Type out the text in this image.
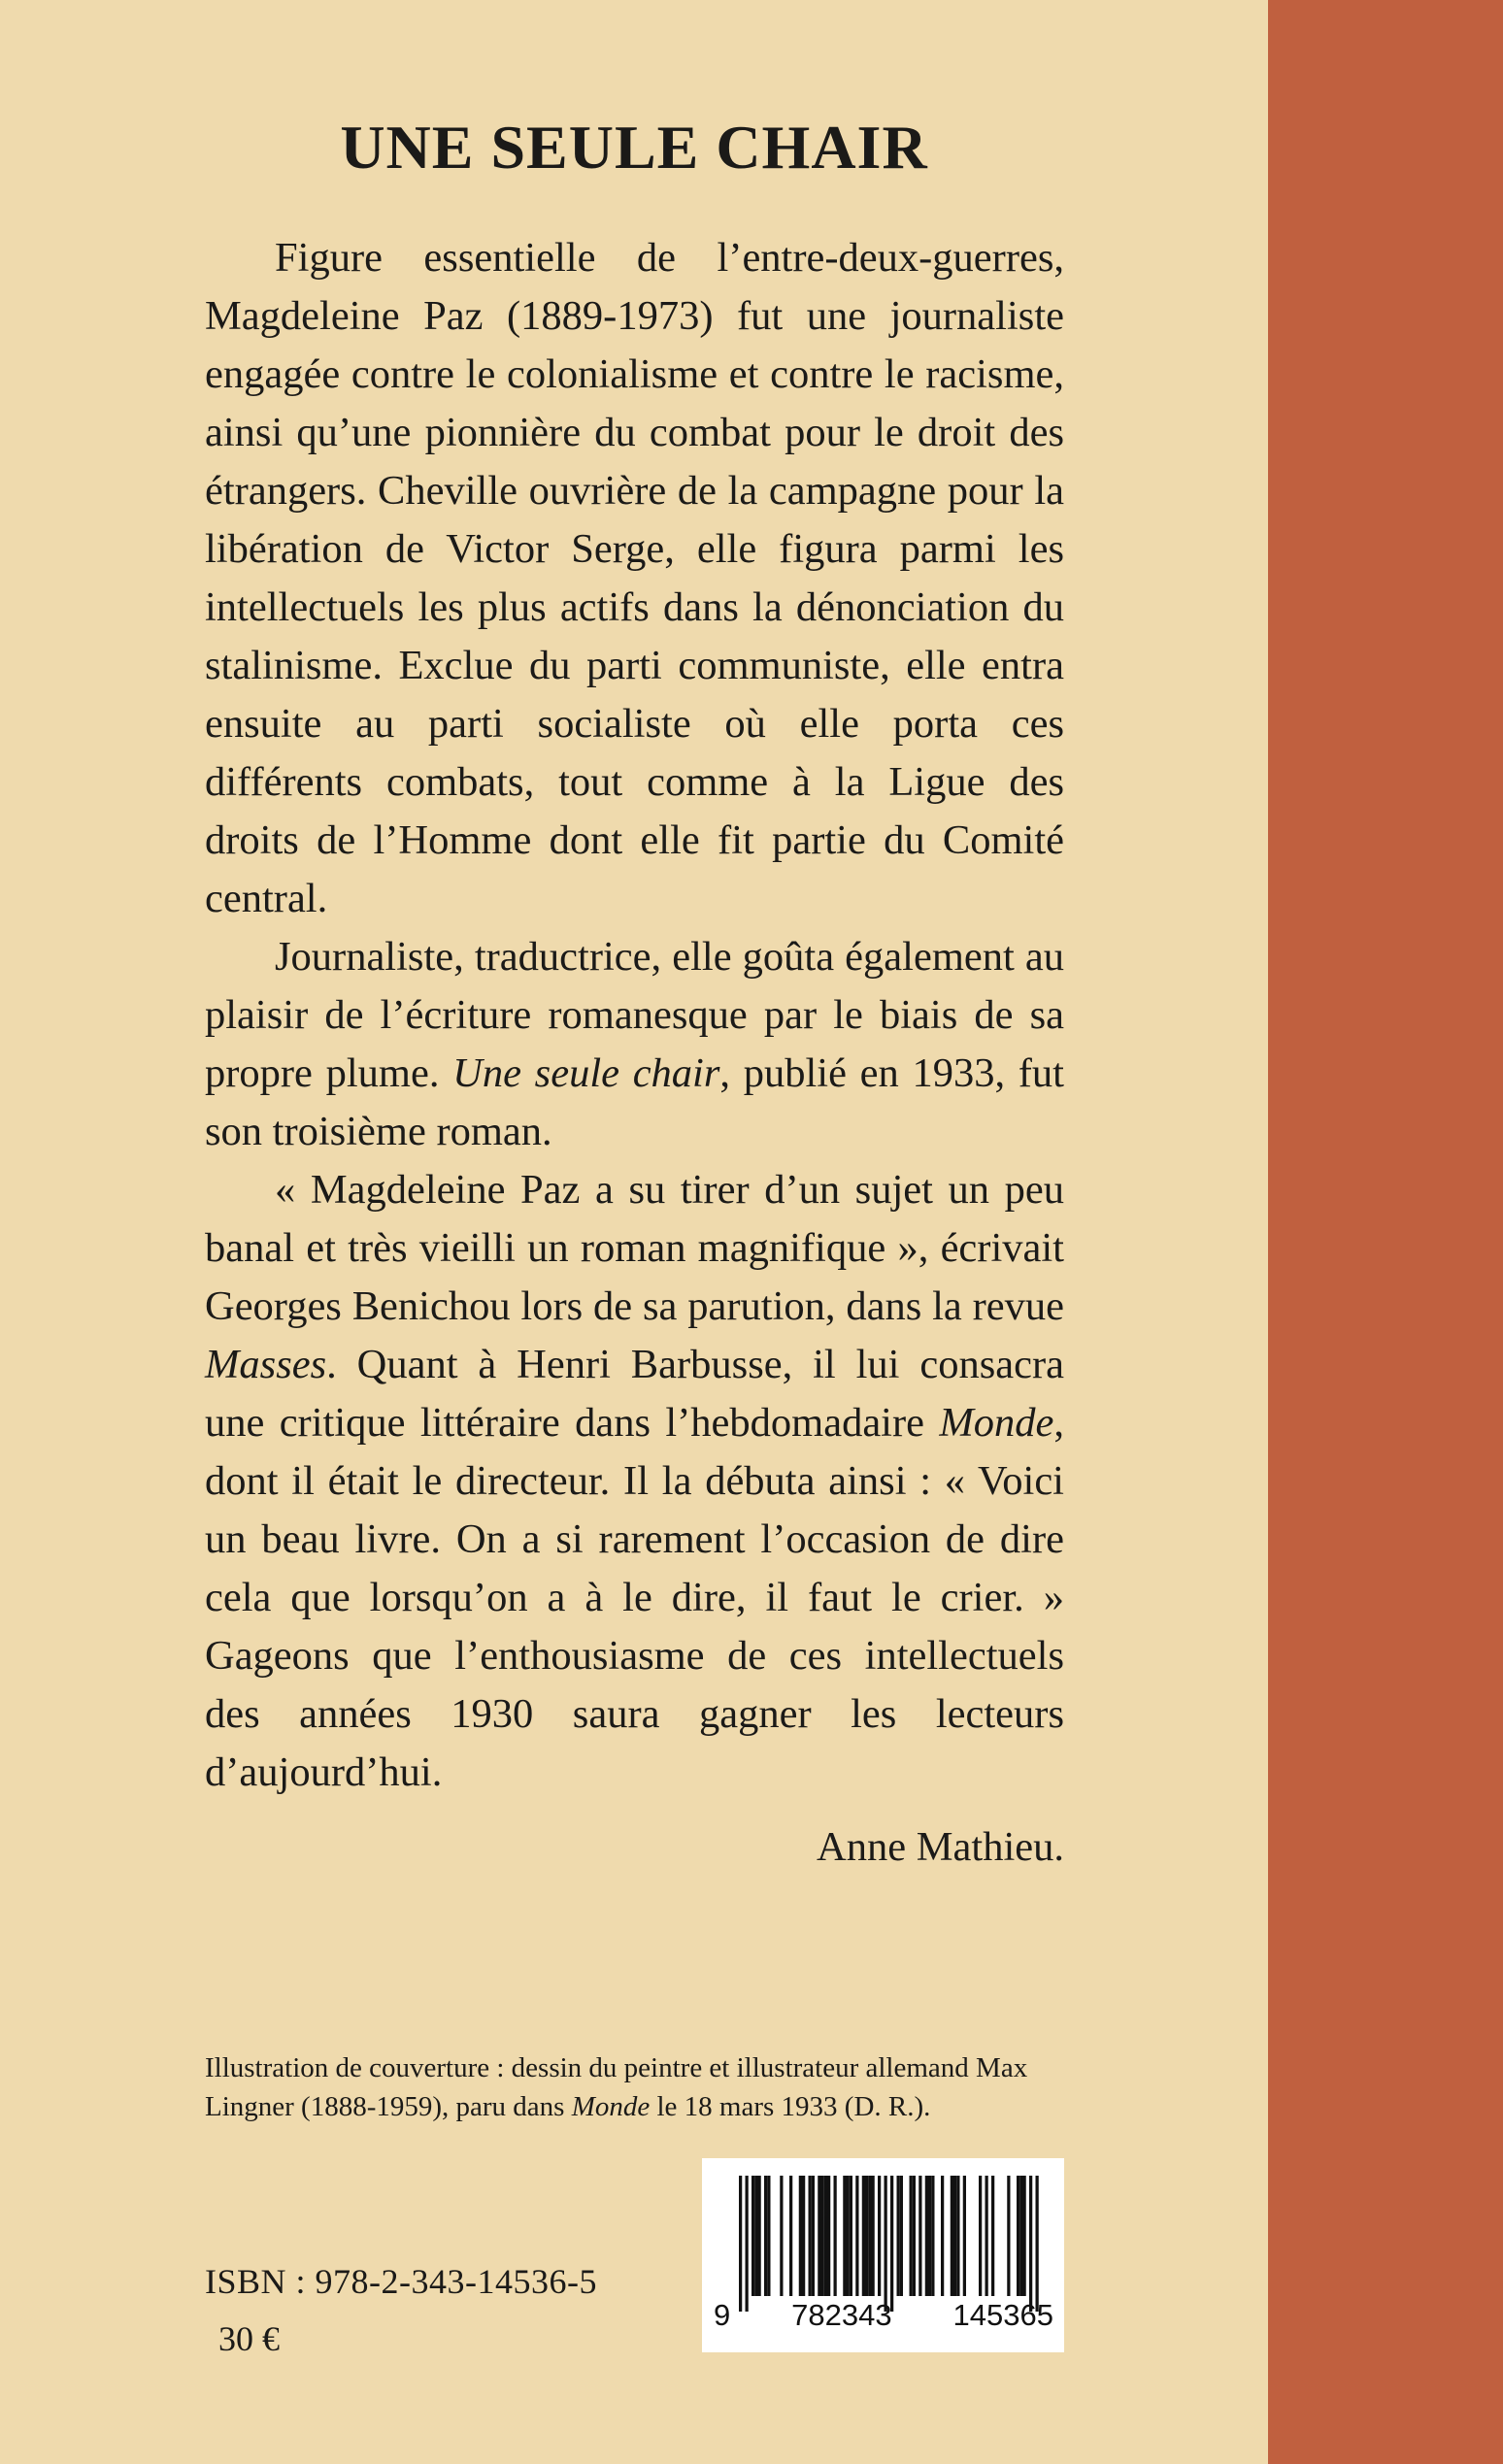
UNE SEULE CHAIR

Figure essentielle de l’entre-deux-guerres, Magdeleine Paz (1889-1973) fut une journaliste engagée contre le colonialisme et contre le racisme, ainsi qu’une pionnière du combat pour le droit des étrangers. Cheville ouvrière de la campagne pour la libération de Victor Serge, elle figura parmi les intellectuels les plus actifs dans la dénonciation du stalinisme. Exclue du parti communiste, elle entra ensuite au parti socialiste où elle porta ces différents combats, tout comme à la Ligue des droits de l’Homme dont elle fit partie du Comité central.

Journaliste, traductrice, elle goûta également au plaisir de l’écriture romanesque par le biais de sa propre plume. Une seule chair, publié en 1933, fut son troisième roman.

« Magdeleine Paz a su tirer d’un sujet un peu banal et très vieilli un roman magnifique », écrivait Georges Benichou lors de sa parution, dans la revue Masses. Quant à Henri Barbusse, il lui consacra une critique littéraire dans l’hebdomadaire Monde, dont il était le directeur. Il la débuta ainsi : « Voici un beau livre. On a si rarement l’occasion de dire cela que lorsqu’on a à le dire, il faut le crier. » Gageons que l’enthousiasme de ces intellectuels des années 1930 saura gagner les lecteurs d’aujourd’hui.

Anne Mathieu.
Illustration de couverture : dessin du peintre et illustrateur allemand Max Lingner (1888-1959), paru dans Monde le 18 mars 1933 (D. R.).
ISBN : 978-2-343-14536-5
30 €
9 782343 145365
